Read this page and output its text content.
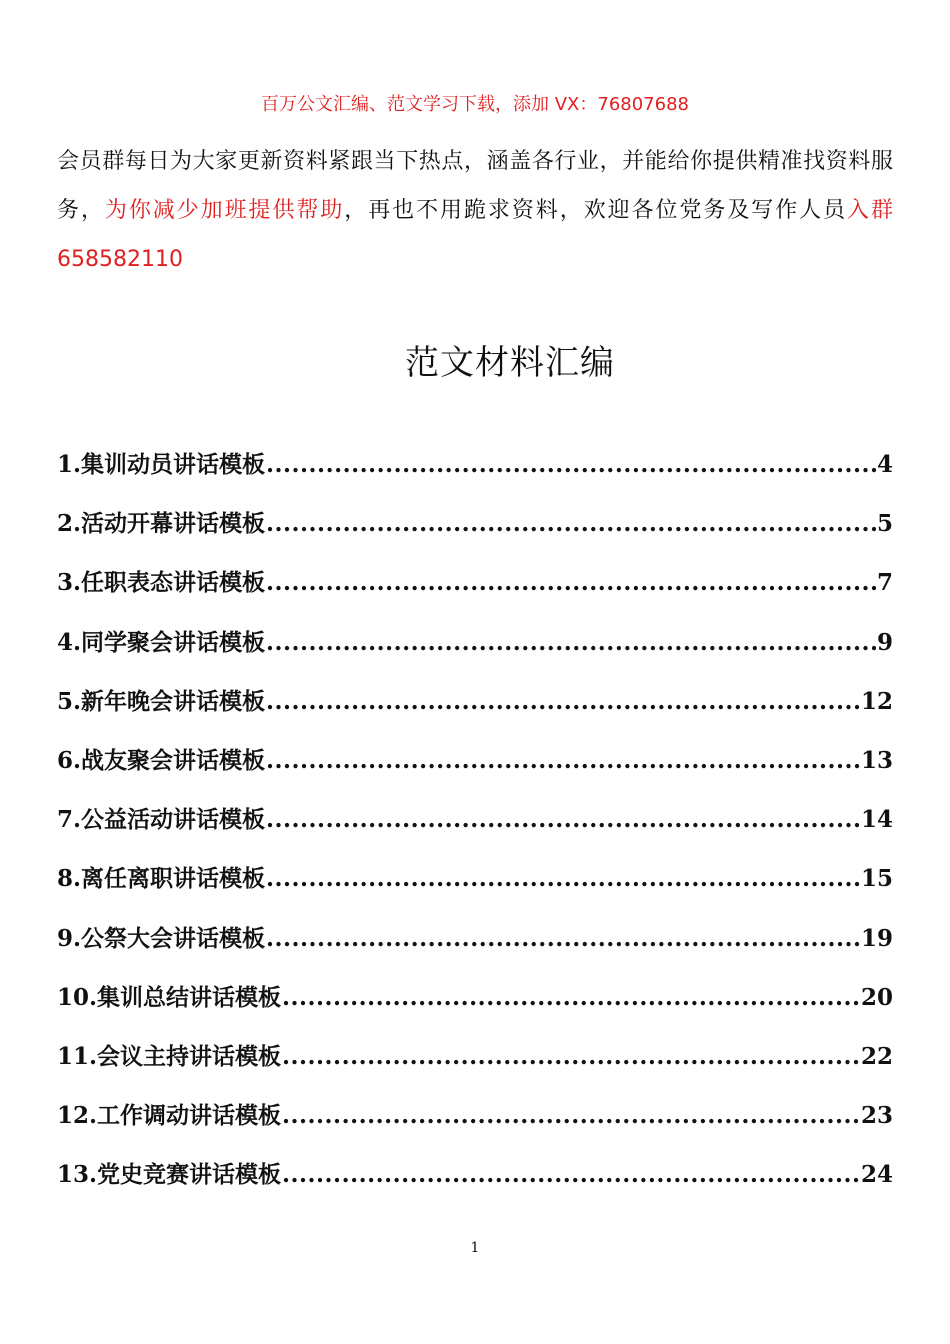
百万公文汇编、范文学习下载，添加 VX：76807688

会员群每日为大家更新资料紧跟当下热点，涵盖各行业，并能给你提供精准找资料服务，为你减少加班提供帮助，再也不用跪求资料，欢迎各位党务及写作人员入群 658582110

范文材料汇编
1.集训动员讲话模板 .....	4
2.活动开幕讲话模板 .....	5
3.任职表态讲话模板 .....	7
4.同学聚会讲话模板 .....	9
5.新年晚会讲话模板 .....	12
6.战友聚会讲话模板 .....	13
7.公益活动讲话模板 .....	14
8.离任离职讲话模板 .....	15
9.公祭大会讲话模板 .....	19
10.集训总结讲话模板 .....	20
11.会议主持讲话模板 .....	22
12.工作调动讲话模板 .....	23
13.党史竞赛讲话模板 .....	24
1
